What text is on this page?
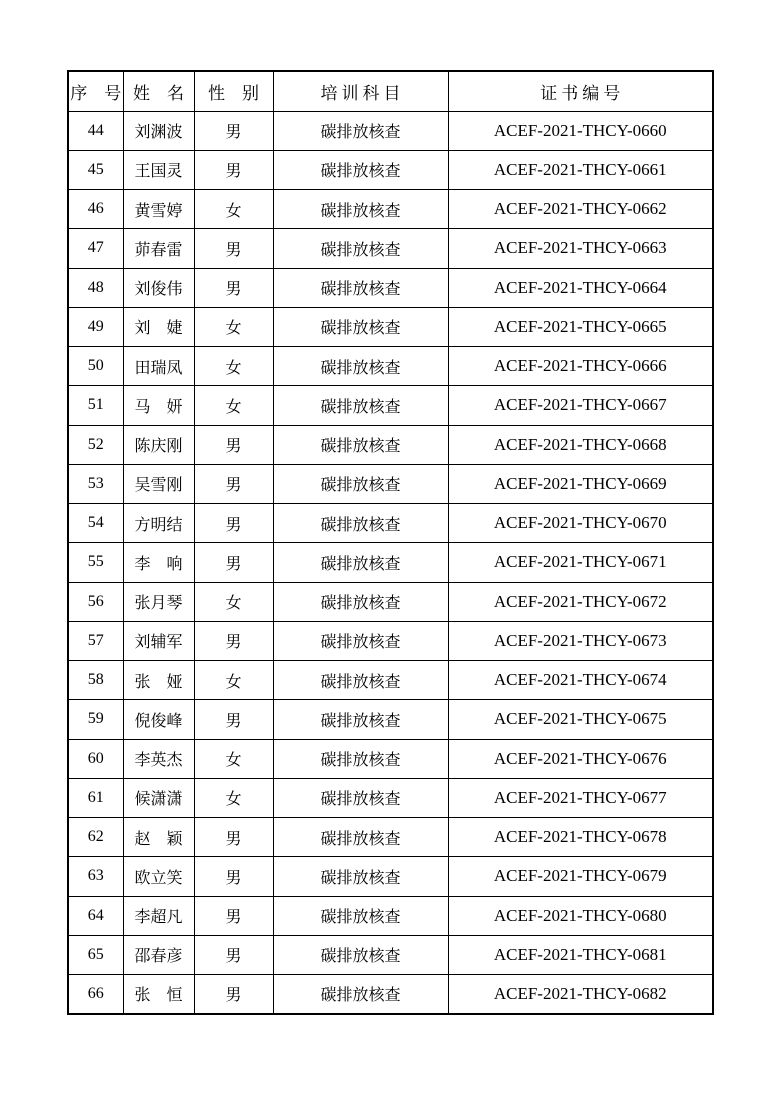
序　号	姓　名	性　别	培训科目	证书编号
44	刘渊波	男	碳排放核查	ACEF-2021-THCY-0660
45	王国灵	男	碳排放核查	ACEF-2021-THCY-0661
46	黄雪婷	女	碳排放核查	ACEF-2021-THCY-0662
47	茆春雷	男	碳排放核查	ACEF-2021-THCY-0663
48	刘俊伟	男	碳排放核查	ACEF-2021-THCY-0664
49	刘　婕	女	碳排放核查	ACEF-2021-THCY-0665
50	田瑞凤	女	碳排放核查	ACEF-2021-THCY-0666
51	马　妍	女	碳排放核查	ACEF-2021-THCY-0667
52	陈庆刚	男	碳排放核查	ACEF-2021-THCY-0668
53	吴雪刚	男	碳排放核查	ACEF-2021-THCY-0669
54	方明结	男	碳排放核查	ACEF-2021-THCY-0670
55	李　响	男	碳排放核查	ACEF-2021-THCY-0671
56	张月琴	女	碳排放核查	ACEF-2021-THCY-0672
57	刘辅军	男	碳排放核查	ACEF-2021-THCY-0673
58	张　娅	女	碳排放核查	ACEF-2021-THCY-0674
59	倪俊峰	男	碳排放核查	ACEF-2021-THCY-0675
60	李英杰	女	碳排放核查	ACEF-2021-THCY-0676
61	候潇潇	女	碳排放核查	ACEF-2021-THCY-0677
62	赵　颖	男	碳排放核查	ACEF-2021-THCY-0678
63	欧立笑	男	碳排放核查	ACEF-2021-THCY-0679
64	李超凡	男	碳排放核查	ACEF-2021-THCY-0680
65	邵春彦	男	碳排放核查	ACEF-2021-THCY-0681
66	张　恒	男	碳排放核查	ACEF-2021-THCY-0682
